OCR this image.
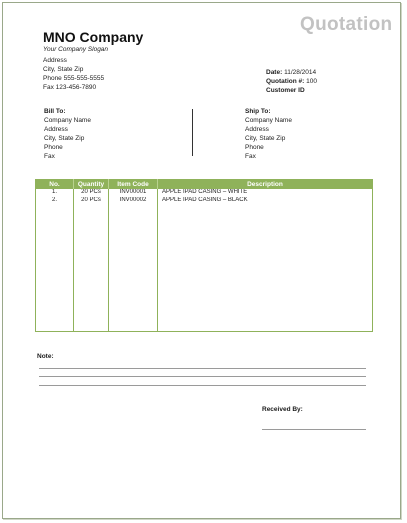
Quotation
MNO Company
Your Company Slogan
Address
City, State Zip
Phone 555-555-5555
Fax 123-456-7890
Date: 11/28/2014
Quotation #: 100
Customer ID
Bill To:
Company Name
Address
City, State Zip
Phone
Fax
Ship To:
Company Name
Address
City, State Zip
Phone
Fax
No.	Quantity	Item Code	Description
1.	20 PCs	INV00001	APPLE IPAD CASING – WHITE
2.	20 PCs	INV00002	APPLE IPAD CASING – BLACK

Note:
Received By:
